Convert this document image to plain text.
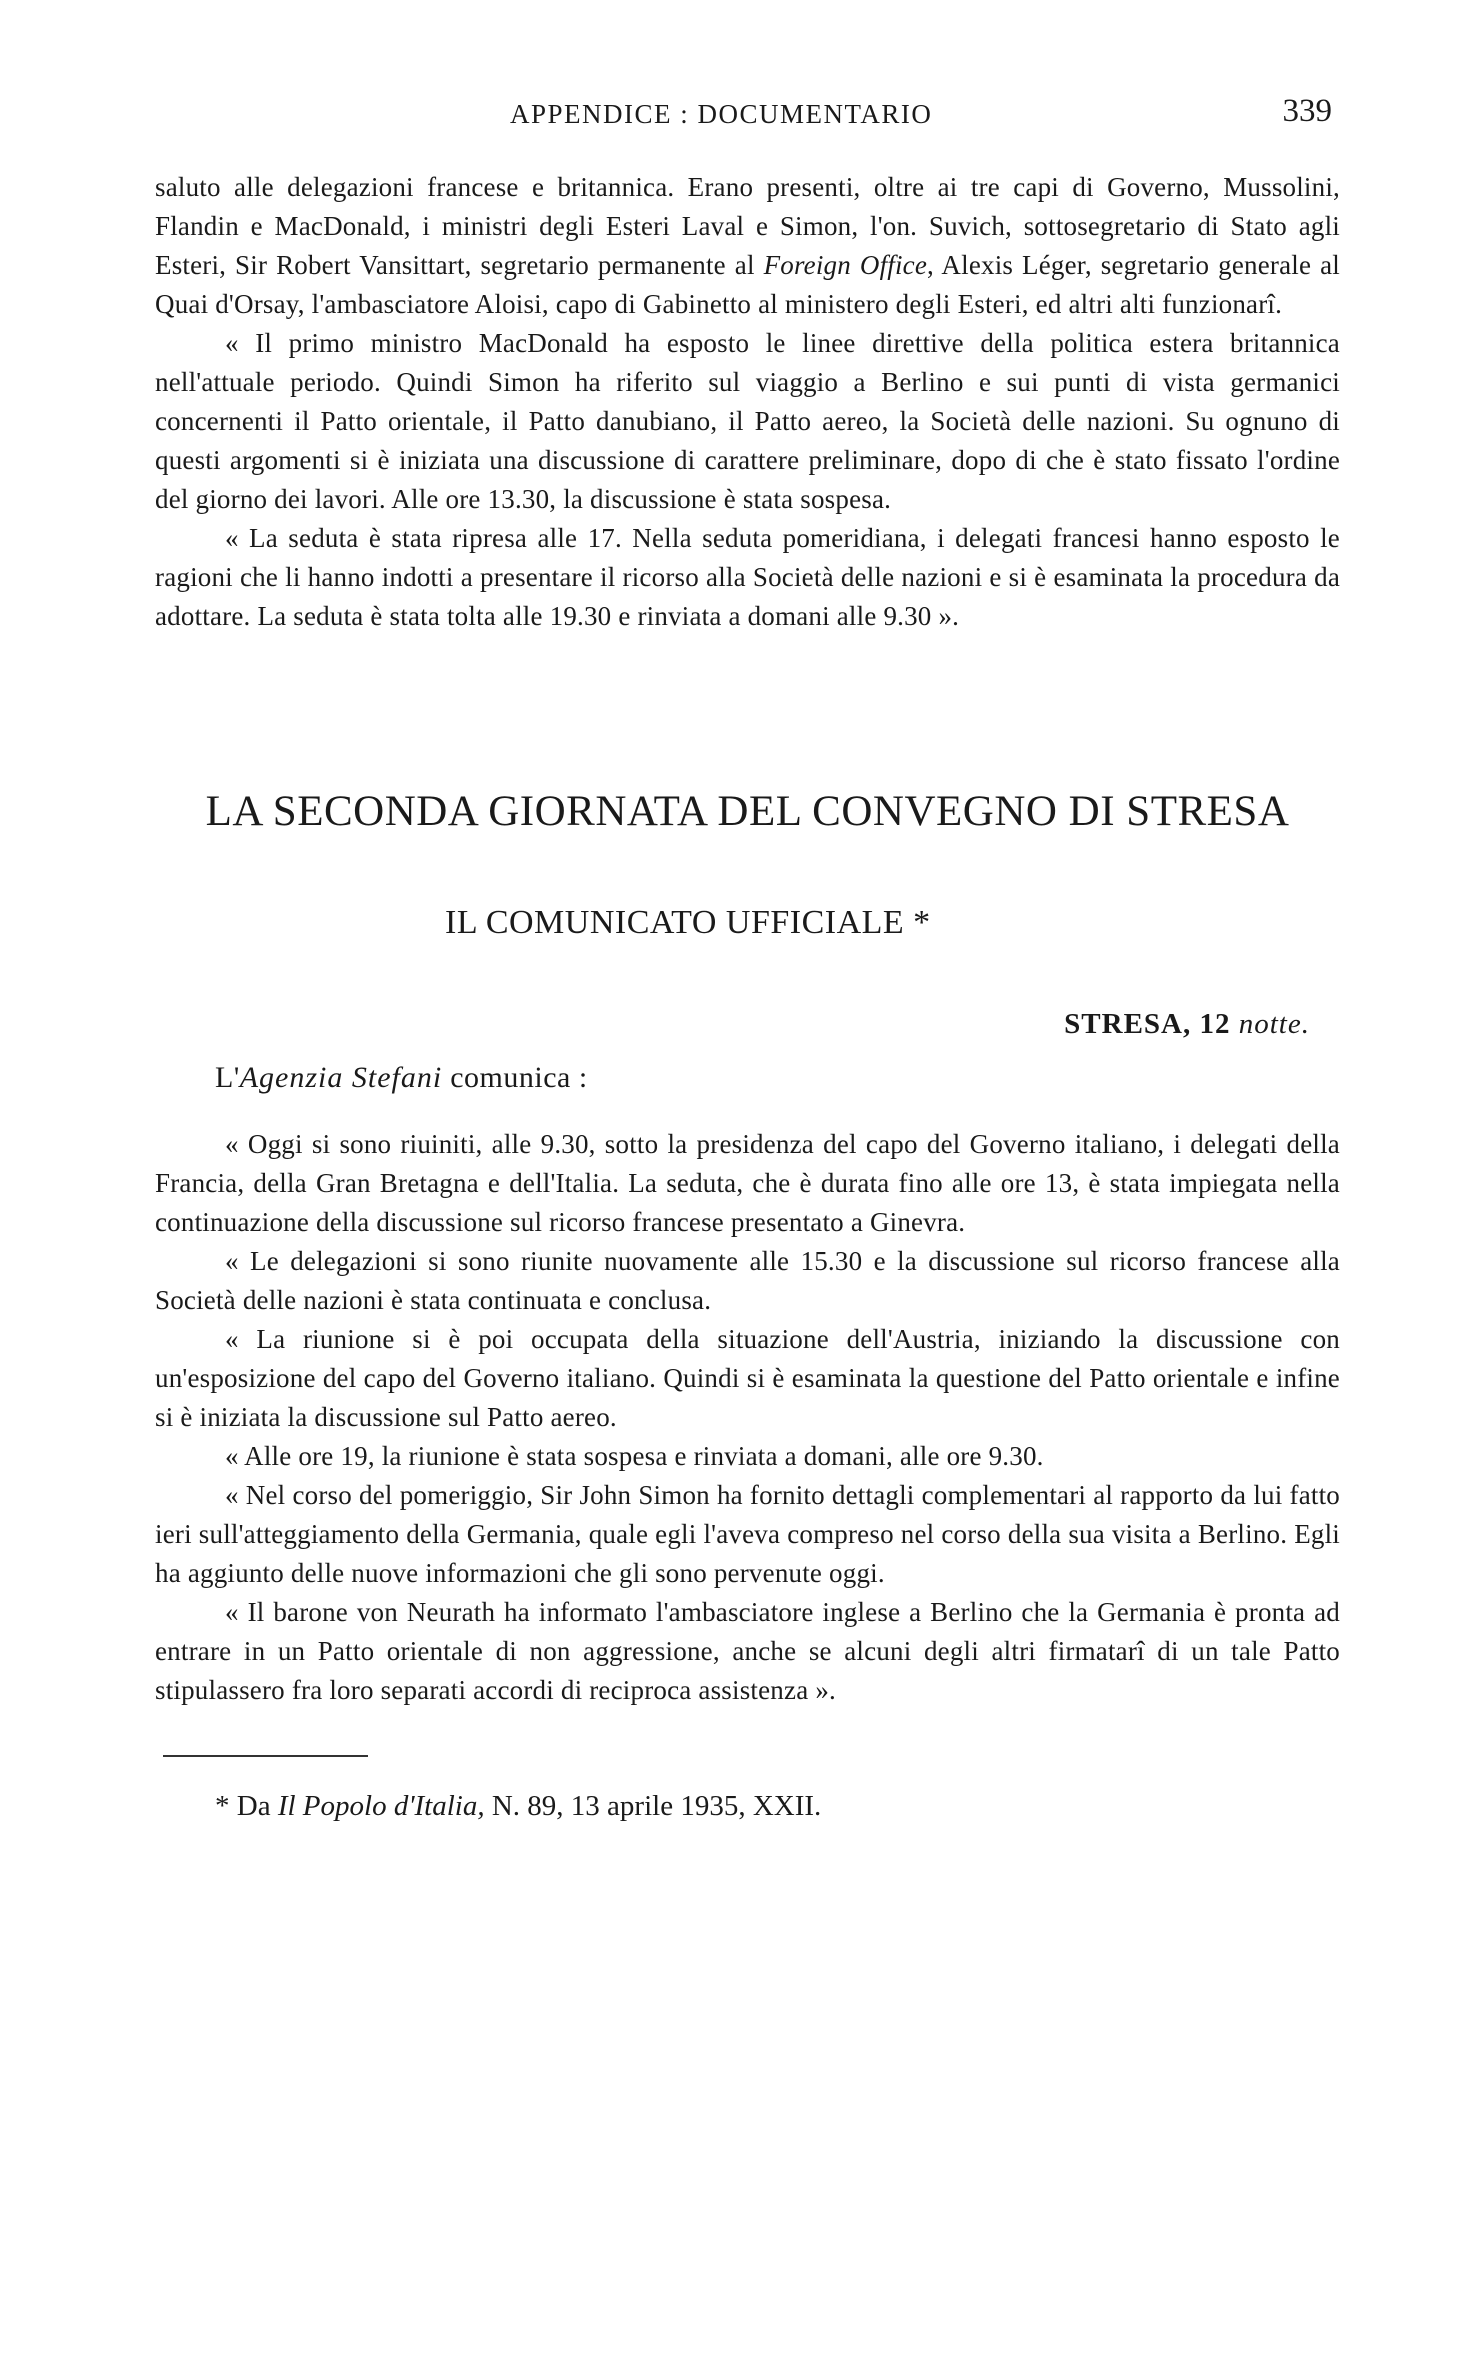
APPENDICE : DOCUMENTARIO	339

saluto alle delegazioni francese e britannica. Erano presenti, oltre ai tre capi di Governo, Mussolini, Flandin e MacDonald, i ministri degli Esteri Laval e Simon, l'on. Suvich, sottosegretario di Stato agli Esteri, Sir Robert Vansittart, segretario permanente al Foreign Office, Alexis Léger, segretario generale al Quai d'Orsay, l'ambasciatore Aloisi, capo di Gabinetto al ministero degli Esteri, ed altri alti funzionarî.

« Il primo ministro MacDonald ha esposto le linee direttive della politica estera britannica nell'attuale periodo. Quindi Simon ha riferito sul viaggio a Berlino e sui punti di vista germanici concernenti il Patto orientale, il Patto danubiano, il Patto aereo, la Società delle nazioni. Su ognuno di questi argomenti si è iniziata una discussione di carattere preliminare, dopo di che è stato fissato l'ordine del giorno dei lavori. Alle ore 13.30, la discussione è stata sospesa.

« La seduta è stata ripresa alle 17. Nella seduta pomeridiana, i delegati francesi hanno esposto le ragioni che li hanno indotti a presentare il ricorso alla Società delle nazioni e si è esaminata la procedura da adottare. La seduta è stata tolta alle 19.30 e rinviata a domani alle 9.30 ».

LA SECONDA GIORNATA DEL CONVEGNO DI STRESA
IL COMUNICATO UFFICIALE *
STRESA, 12 notte.
L'Agenzia Stefani comunica :

« Oggi si sono riuiniti, alle 9.30, sotto la presidenza del capo del Governo italiano, i delegati della Francia, della Gran Bretagna e dell'Italia. La seduta, che è durata fino alle ore 13, è stata impiegata nella continuazione della discussione sul ricorso francese presentato a Ginevra.

« Le delegazioni si sono riunite nuovamente alle 15.30 e la discussione sul ricorso francese alla Società delle nazioni è stata continuata e conclusa.

« La riunione si è poi occupata della situazione dell'Austria, iniziando la discussione con un'esposizione del capo del Governo italiano. Quindi si è esaminata la questione del Patto orientale e infine si è iniziata la discussione sul Patto aereo.

« Alle ore 19, la riunione è stata sospesa e rinviata a domani, alle ore 9.30.

« Nel corso del pomeriggio, Sir John Simon ha fornito dettagli complementari al rapporto da lui fatto ieri sull'atteggiamento della Germania, quale egli l'aveva compreso nel corso della sua visita a Berlino. Egli ha aggiunto delle nuove informazioni che gli sono pervenute oggi.

« Il barone von Neurath ha informato l'ambasciatore inglese a Berlino che la Germania è pronta ad entrare in un Patto orientale di non aggressione, anche se alcuni degli altri firmatarî di un tale Patto stipulassero fra loro separati accordi di reciproca assistenza ».

* Da Il Popolo d'Italia, N. 89, 13 aprile 1935, XXII.
